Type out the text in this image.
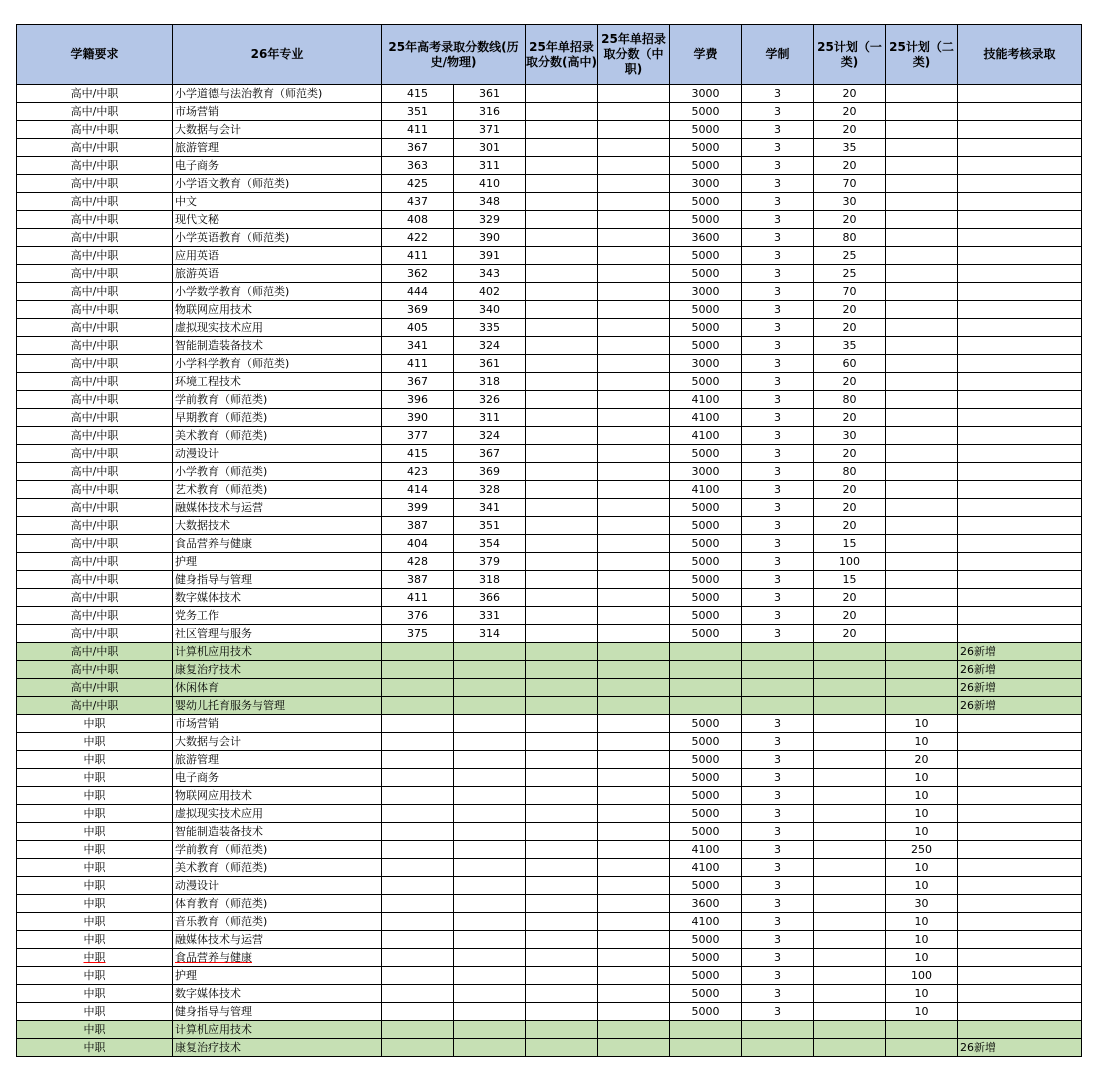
学籍要求	26年专业	25年高考录取分数线(历史/物理)		25年单招录取分数(高中)	25年单招录取分数（中职)	学费	学制	25计划（一类)	25计划（二类)	技能考核录取
高中/中职	小学道德与法治教育（师范类)	415	361			3000	3	20		
高中/中职	市场营销	351	316			5000	3	20		
高中/中职	大数据与会计	411	371			5000	3	20		
高中/中职	旅游管理	367	301			5000	3	35		
高中/中职	电子商务	363	311			5000	3	20		
高中/中职	小学语文教育（师范类)	425	410			3000	3	70		
高中/中职	中文	437	348			5000	3	30		
高中/中职	现代文秘	408	329			5000	3	20		
高中/中职	小学英语教育（师范类)	422	390			3600	3	80		
高中/中职	应用英语	411	391			5000	3	25		
高中/中职	旅游英语	362	343			5000	3	25		
高中/中职	小学数学教育（师范类)	444	402			3000	3	70		
高中/中职	物联网应用技术	369	340			5000	3	20		
高中/中职	虚拟现实技术应用	405	335			5000	3	20		
高中/中职	智能制造装备技术	341	324			5000	3	35		
高中/中职	小学科学教育（师范类)	411	361			3000	3	60		
高中/中职	环境工程技术	367	318			5000	3	20		
高中/中职	学前教育（师范类)	396	326			4100	3	80		
高中/中职	早期教育（师范类)	390	311			4100	3	20		
高中/中职	美术教育（师范类)	377	324			4100	3	30		
高中/中职	动漫设计	415	367			5000	3	20		
高中/中职	小学教育（师范类)	423	369			3000	3	80		
高中/中职	艺术教育（师范类)	414	328			4100	3	20		
高中/中职	融媒体技术与运营	399	341			5000	3	20		
高中/中职	大数据技术	387	351			5000	3	20		
高中/中职	食品营养与健康	404	354			5000	3	15		
高中/中职	护理	428	379			5000	3	100		
高中/中职	健身指导与管理	387	318			5000	3	15		
高中/中职	数字媒体技术	411	366			5000	3	20		
高中/中职	党务工作	376	331			5000	3	20		
高中/中职	社区管理与服务	375	314			5000	3	20		
高中/中职	计算机应用技术									26新增
高中/中职	康复治疗技术									26新增
高中/中职	休闲体育									26新增
高中/中职	婴幼儿托育服务与管理									26新增
中职	市场营销					5000	3		10	
中职	大数据与会计					5000	3		10	
中职	旅游管理					5000	3		20	
中职	电子商务					5000	3		10	
中职	物联网应用技术					5000	3		10	
中职	虚拟现实技术应用					5000	3		10	
中职	智能制造装备技术					5000	3		10	
中职	学前教育（师范类)					4100	3		250	
中职	美术教育（师范类)					4100	3		10	
中职	动漫设计					5000	3		10	
中职	体育教育（师范类)					3600	3		30	
中职	音乐教育（师范类)					4100	3		10	
中职	融媒体技术与运营					5000	3		10	
中职	食品营养与健康					5000	3		10	
中职	护理					5000	3		100	
中职	数字媒体技术					5000	3		10	
中职	健身指导与管理					5000	3		10	
中职	计算机应用技术									
中职	康复治疗技术									26新增
